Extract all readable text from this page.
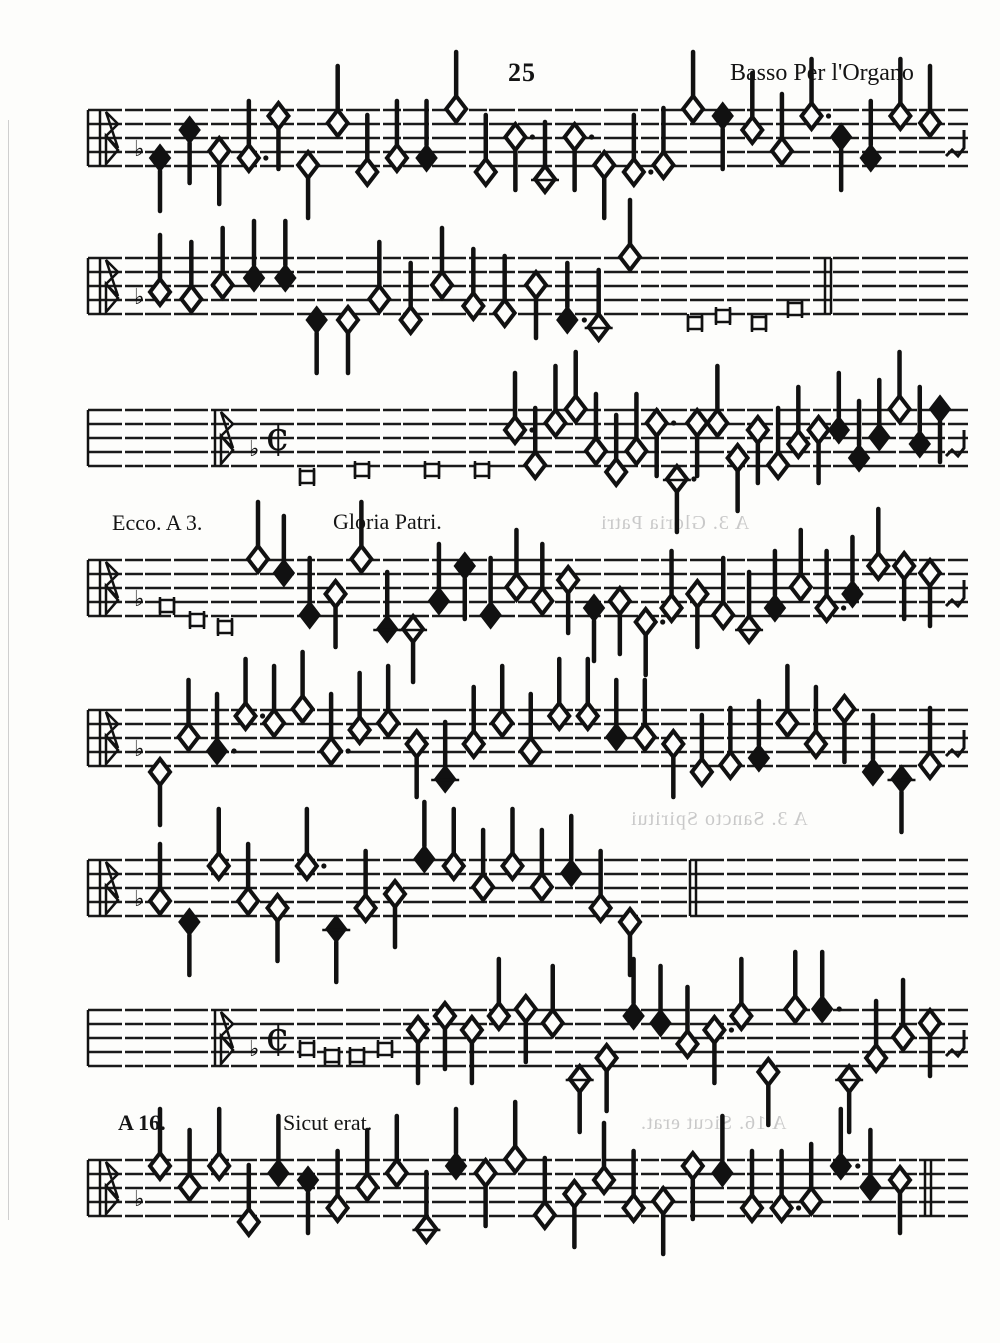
25	Basso Per l'Organo
A 3. Gloria Patri
A 3. Sancto Spiritui
A 16. Sicut erat.
Ecco. A 3.	Gloria Patri.
A 16.	Sicut erat.
♭
♭
♭ ¢
♭
♭
♭
♭ ¢
♭
